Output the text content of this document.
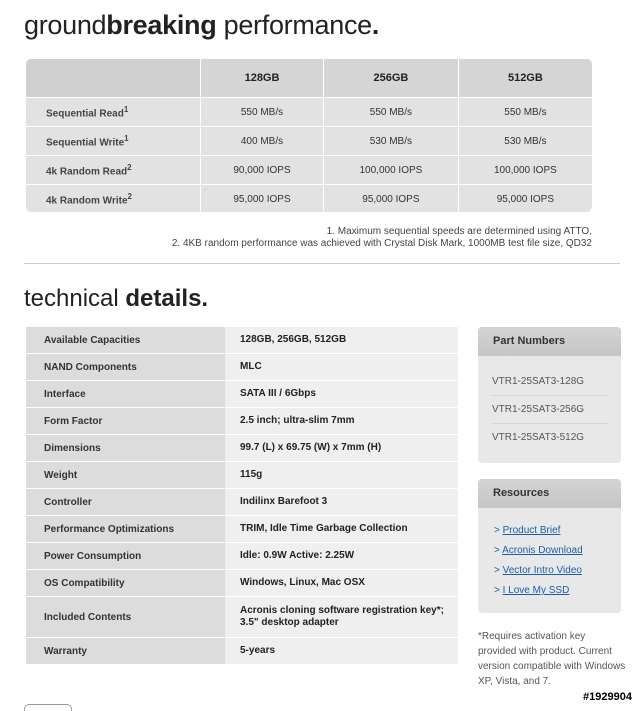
groundbreaking performance.
	128GB	256GB	512GB
Sequential Read$^1$	550 MB/s	550 MB/s	550 MB/s
Sequential Write$^1$	400 MB/s	530 MB/s	530 MB/s
4k Random Read$^2$	90,000 IOPS	100,000 IOPS	100,000 IOPS
4k Random Write$^2$	95,000 IOPS	95,000 IOPS	95,000 IOPS
1. Maximum sequential speeds are determined using ATTO,
2. 4KB random performance was achieved with Crystal Disk Mark, 1000MB test file size, QD32
technical details.
Available Capacities	128GB, 256GB, 512GB
NAND Components	MLC
Interface	SATA III / 6Gbps
Form Factor	2.5 inch; ultra-slim 7mm
Dimensions	99.7 (L) x 69.75 (W) x 7mm (H)
Weight	115g
Controller	Indilinx Barefoot 3
Performance Optimizations	TRIM, Idle Time Garbage Collection
Power Consumption	Idle: 0.9W Active: 2.25W
OS Compatibility	Windows, Linux, Mac OSX
Included Contents	Acronis cloning software registration key*;
3.5" desktop adapter

Warranty	5-years
Part Numbers
VTR1-25SAT3-128G
VTR1-25SAT3-256G
VTR1-25SAT3-512G
Resources
> Product Brief
> Acronis Download
> Vector Intro Video
> I Love My SSD
*Requires activation key provided with product. Current version compatible with Windows XP, Vista, and 7.
#1929904
